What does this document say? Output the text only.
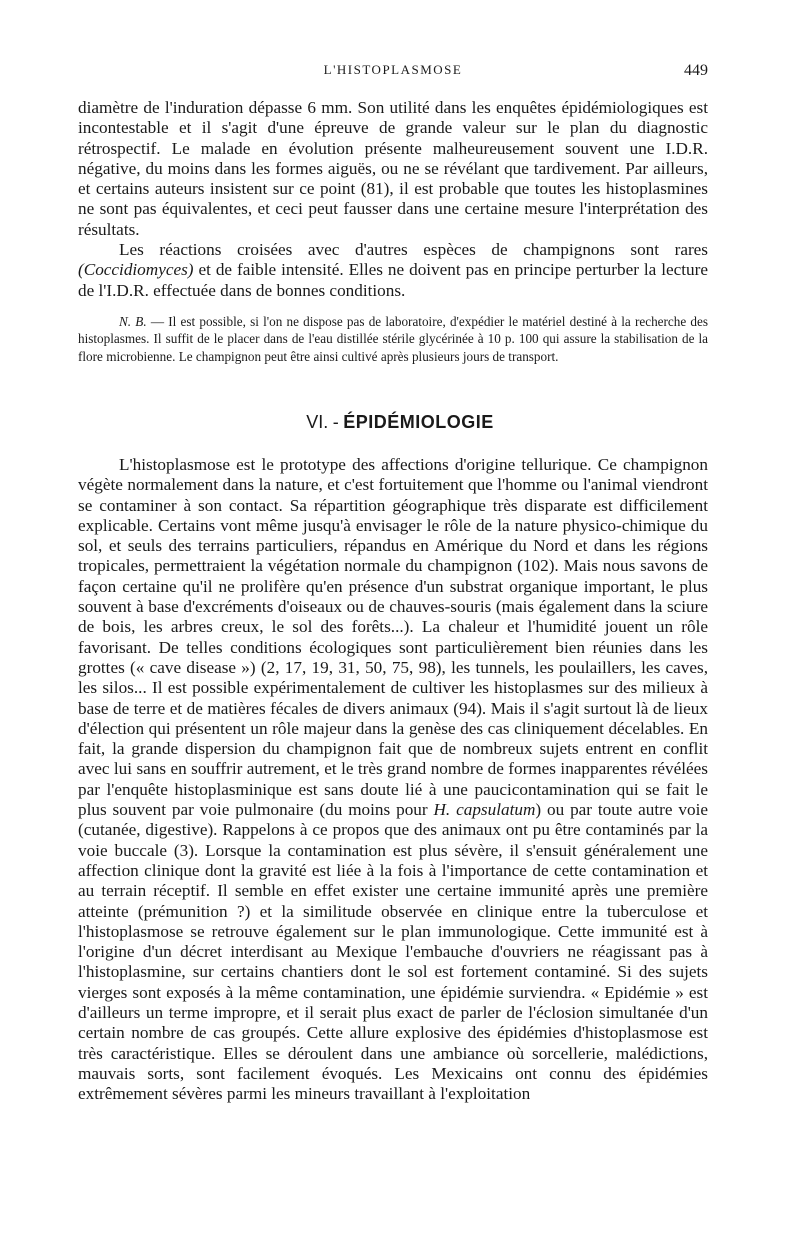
L'HISTOPLASMOSE	449

diamètre de l'induration dépasse 6 mm. Son utilité dans les enquêtes épidémiologiques est incontestable et il s'agit d'une épreuve de grande valeur sur le plan du diagnostic rétrospectif. Le malade en évolution présente malheureusement souvent une I.D.R. négative, du moins dans les formes aiguës, ou ne se révélant que tardivement. Par ailleurs, et certains auteurs insistent sur ce point (81), il est probable que toutes les histoplasmines ne sont pas équivalentes, et ceci peut fausser dans une certaine mesure l'interprétation des résultats.

Les réactions croisées avec d'autres espèces de champignons sont rares (Coccidiomyces) et de faible intensité. Elles ne doivent pas en principe perturber la lecture de l'I.D.R. effectuée dans de bonnes conditions.

N. B. — Il est possible, si l'on ne dispose pas de laboratoire, d'expédier le matériel destiné à la recherche des histoplasmes. Il suffit de le placer dans de l'eau distillée stérile glycérinée à 10 p. 100 qui assure la stabilisation de la flore microbienne. Le champignon peut être ainsi cultivé après plusieurs jours de transport.

VI. - ÉPIDÉMIOLOGIE

L'histoplasmose est le prototype des affections d'origine tellurique. Ce champignon végète normalement dans la nature, et c'est fortuitement que l'homme ou l'animal viendront se contaminer à son contact. Sa répartition géographique très disparate est difficilement explicable. Certains vont même jusqu'à envisager le rôle de la nature physico-chimique du sol, et seuls des terrains particuliers, répandus en Amérique du Nord et dans les régions tropicales, permettraient la végétation normale du champignon (102). Mais nous savons de façon certaine qu'il ne prolifère qu'en présence d'un substrat organique important, le plus souvent à base d'excréments d'oiseaux ou de chauves-souris (mais également dans la sciure de bois, les arbres creux, le sol des forêts...). La chaleur et l'humidité jouent un rôle favorisant. De telles conditions écologiques sont particulièrement bien réunies dans les grottes (« cave disease ») (2, 17, 19, 31, 50, 75, 98), les tunnels, les poulaillers, les caves, les silos... Il est possible expérimentalement de cultiver les histoplasmes sur des milieux à base de terre et de matières fécales de divers animaux (94). Mais il s'agit surtout là de lieux d'élection qui présentent un rôle majeur dans la genèse des cas cliniquement décelables. En fait, la grande dispersion du champignon fait que de nombreux sujets entrent en conflit avec lui sans en souffrir autrement, et le très grand nombre de formes inapparentes révélées par l'enquête histoplasminique est sans doute lié à une paucicontamination qui se fait le plus souvent par voie pulmonaire (du moins pour H. capsulatum) ou par toute autre voie (cutanée, digestive). Rappelons à ce propos que des animaux ont pu être contaminés par la voie buccale (3). Lorsque la contamination est plus sévère, il s'ensuit généralement une affection clinique dont la gravité est liée à la fois à l'importance de cette contamination et au terrain réceptif. Il semble en effet exister une certaine immunité après une première atteinte (prémunition ?) et la similitude observée en clinique entre la tuberculose et l'histoplasmose se retrouve également sur le plan immunologique. Cette immunité est à l'origine d'un décret interdisant au Mexique l'embauche d'ouvriers ne réagissant pas à l'histoplasmine, sur certains chantiers dont le sol est fortement contaminé. Si des sujets vierges sont exposés à la même contamination, une épidémie surviendra. « Epidémie » est d'ailleurs un terme impropre, et il serait plus exact de parler de l'éclosion simultanée d'un certain nombre de cas groupés. Cette allure explosive des épidémies d'histoplasmose est très caractéristique. Elles se déroulent dans une ambiance où sorcellerie, malédictions, mauvais sorts, sont facilement évoqués. Les Mexicains ont connu des épidémies extrêmement sévères parmi les mineurs travaillant à l'exploitation
